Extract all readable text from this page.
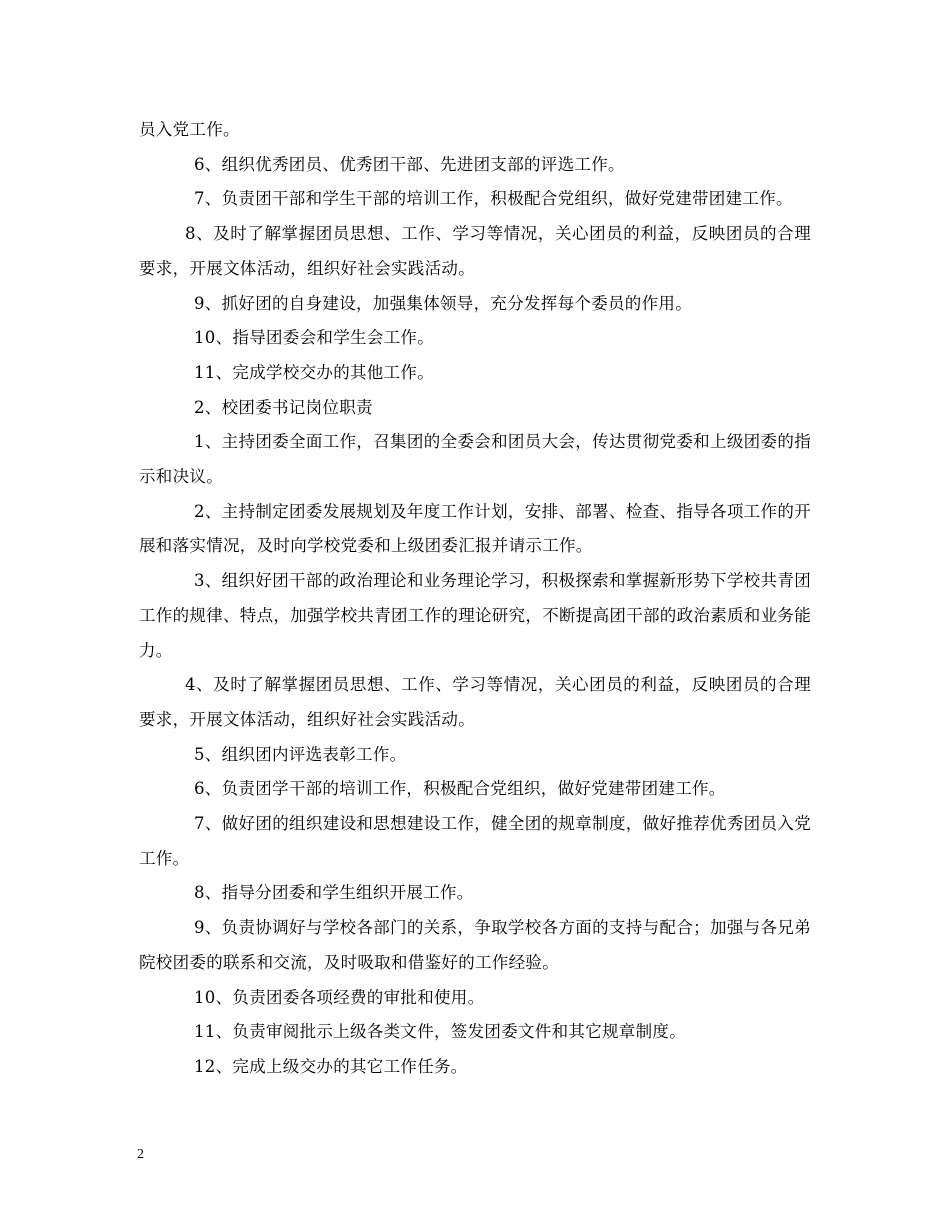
员入党工作。

6、组织优秀团员、优秀团干部、先进团支部的评选工作。

7、负责团干部和学生干部的培训工作，积极配合党组织，做好党建带团建工作。

8、及时了解掌握团员思想、工作、学习等情况，关心团员的利益，反映团员的合理要求，开展文体活动，组织好社会实践活动。

9、抓好团的自身建设，加强集体领导，充分发挥每个委员的作用。

10、指导团委会和学生会工作。

11、完成学校交办的其他工作。

2、校团委书记岗位职责

1、主持团委全面工作，召集团的全委会和团员大会，传达贯彻党委和上级团委的指示和决议。

2、主持制定团委发展规划及年度工作计划，安排、部署、检查、指导各项工作的开展和落实情况，及时向学校党委和上级团委汇报并请示工作。

3、组织好团干部的政治理论和业务理论学习，积极探索和掌握新形势下学校共青团工作的规律、特点，加强学校共青团工作的理论研究，不断提高团干部的政治素质和业务能力。

4、及时了解掌握团员思想、工作、学习等情况，关心团员的利益，反映团员的合理要求，开展文体活动，组织好社会实践活动。

5、组织团内评选表彰工作。

6、负责团学干部的培训工作，积极配合党组织，做好党建带团建工作。

7、做好团的组织建设和思想建设工作，健全团的规章制度，做好推荐优秀团员入党工作。

8、指导分团委和学生组织开展工作。

9、负责协调好与学校各部门的关系，争取学校各方面的支持与配合；加强与各兄弟院校团委的联系和交流，及时吸取和借鉴好的工作经验。

10、负责团委各项经费的审批和使用。

11、负责审阅批示上级各类文件，签发团委文件和其它规章制度。

12、完成上级交办的其它工作任务。

2
